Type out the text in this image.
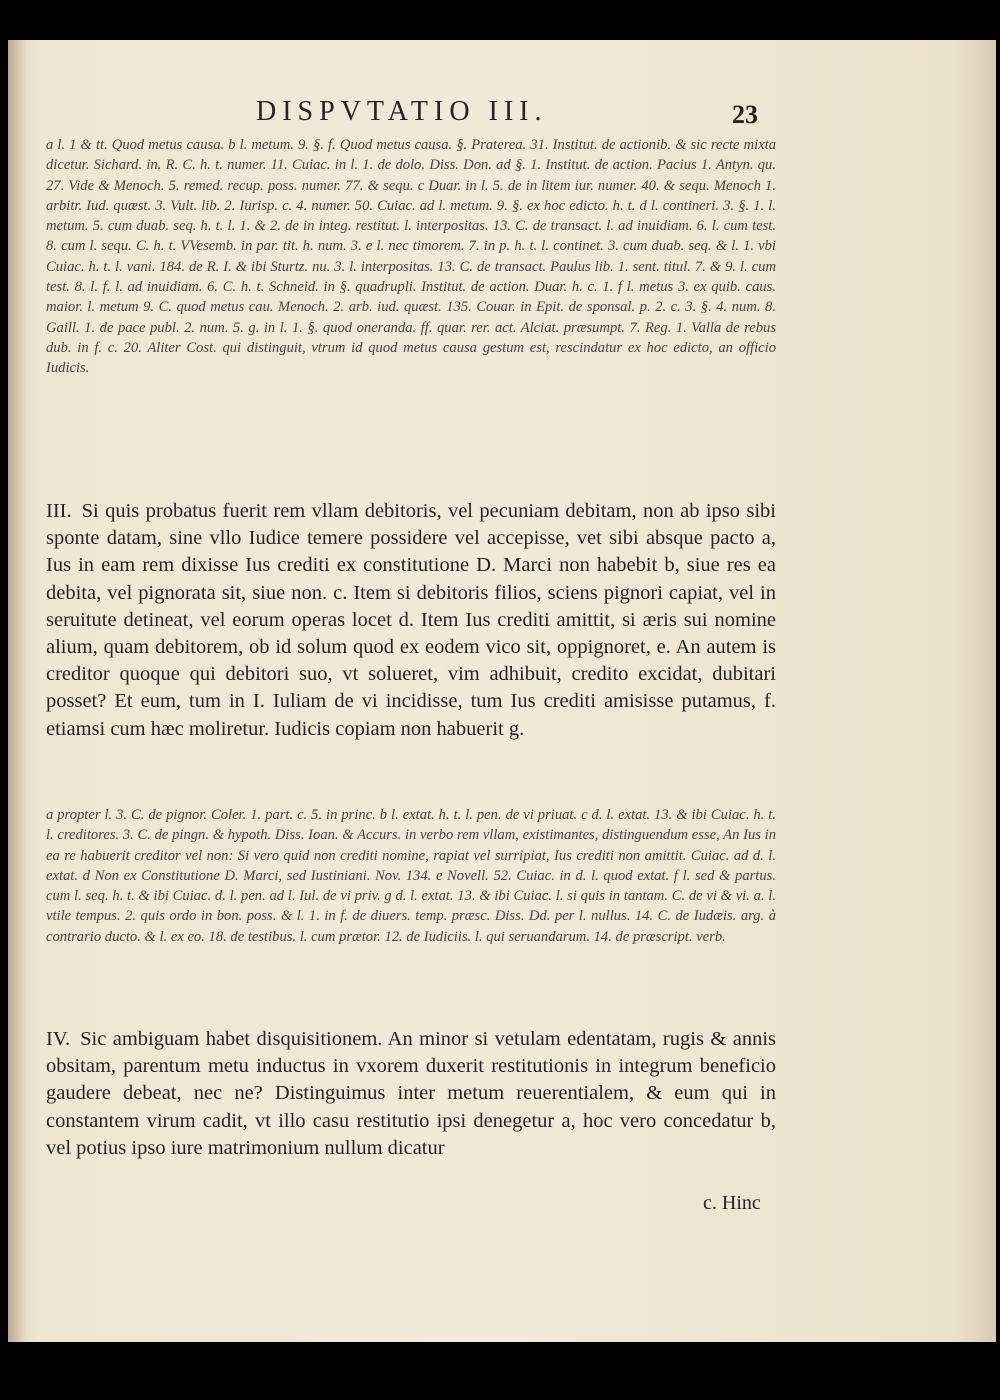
DISPVTATIO III.	23

a l. 1 & tt. Quod metus causa. b l. metum. 9. §. f. Quod metus causa. §. Praterea. 31. Institut. de actionib. & sic recte mixta dicetur. Sichard. in. R. C. h. t. numer. 11. Cuiac. in l. 1. de dolo. Diss. Don. ad §. 1. Institut. de action. Pacius 1. Antyn. qu. 27. Vide & Menoch. 5. remed. recup. poss. numer. 77. & sequ. c Duar. in l. 5. de in litem iur. numer. 40. & sequ. Menoch 1. arbitr. Iud. quæst. 3. Vult. lib. 2. Iurisp. c. 4. numer. 50. Cuiac. ad l. metum. 9. §. ex hoc edicto. h. t. d l. contineri. 3. §. 1. l. metum. 5. cum duab. seq. h. t. l. 1. & 2. de in integ. restitut. l. interpositas. 13. C. de transact. l. ad inuidiam. 6. l. cum test. 8. cum l. sequ. C. h. t. VVesemb. in par. tit. h. num. 3. e l. nec timorem. 7. in p. h. t. l. continet. 3. cum duab. seq. & l. 1. vbi Cuiac. h. t. l. vani. 184. de R. I. & ibi Sturtz. nu. 3. l. interpositas. 13. C. de transact. Paulus lib. 1. sent. titul. 7. & 9. l. cum test. 8. l. f. l. ad inuidiam. 6. C. h. t. Schneid. in §. quadrupli. Institut. de action. Duar. h. c. 1. f l. metus 3. ex quib. caus. maior. l. metum 9. C. quod metus cau. Menoch. 2. arb. iud. quæst. 135. Couar. in Epit. de sponsal. p. 2. c. 3. §. 4. num. 8. Gaill. 1. de pace publ. 2. num. 5. g. in l. 1. §. quod oneranda. ff. quar. rer. act. Alciat. præsumpt. 7. Reg. 1. Valla de rebus dub. in f. c. 20. Aliter Cost. qui distinguit, vtrum id quod metus causa gestum est, rescindatur ex hoc edicto, an officio Iudicis.

III. Si quis probatus fuerit rem vllam debitoris, vel pecuniam debitam, non ab ipso sibi sponte datam, sine vllo Iudice temere possidere vel accepisse, vet sibi absque pacto a, Ius in eam rem dixisse Ius crediti ex constitutione D. Marci non habebit b, siue res ea debita, vel pignorata sit, siue non. c. Item si debitoris filios, sciens pignori capiat, vel in seruitute detineat, vel eorum operas locet d. Item Ius crediti amittit, si æris sui nomine alium, quam debitorem, ob id solum quod ex eodem vico sit, oppignoret, e. An autem is creditor quoque qui debitori suo, vt solueret, vim adhibuit, credito excidat, dubitari posset? Et eum, tum in I. Iuliam de vi incidisse, tum Ius crediti amisisse putamus, f. etiamsi cum hæc moliretur. Iudicis copiam non habuerit g.

a propter l. 3. C. de pignor. Coler. 1. part. c. 5. in princ. b l. extat. h. t. l. pen. de vi priuat. c d. l. extat. 13. & ibi Cuiac. h. t. l. creditores. 3. C. de pingn. & hypoth. Diss. Ioan. & Accurs. in verbo rem vllam, existimantes, distinguendum esse, An Ius in ea re habuerit creditor vel non: Si vero quid non crediti nomine, rapiat vel surripiat, Ius crediti non amittit. Cuiac. ad d. l. extat. d Non ex Constitutione D. Marci, sed Iustiniani. Nov. 134. e Novell. 52. Cuiac. in d. l. quod extat. f l. sed & partus. cum l. seq. h. t. & ibi Cuiac. d. l. pen. ad l. Iul. de vi priv. g d. l. extat. 13. & ibi Cuiac. l. si quis in tantam. C. de vi & vi. a. l. vtile tempus. 2. quis ordo in bon. poss. & l. 1. in f. de diuers. temp. præsc. Diss. Dd. per l. nullus. 14. C. de Iudæis. arg. à contrario ducto. & l. ex eo. 18. de testibus. l. cum prætor. 12. de Iudiciis. l. qui seruandarum. 14. de præscript. verb.

IV. Sic ambiguam habet disquisitionem. An minor si vetulam edentatam, rugis & annis obsitam, parentum metu inductus in vxorem duxerit restitutionis in integrum beneficio gaudere debeat, nec ne? Distinguimus inter metum reuerentialem, & eum qui in constantem virum cadit, vt illo casu restitutio ipsi denegetur a, hoc vero concedatur b, vel potius ipso iure matrimonium nullum dicatur

c. Hinc
